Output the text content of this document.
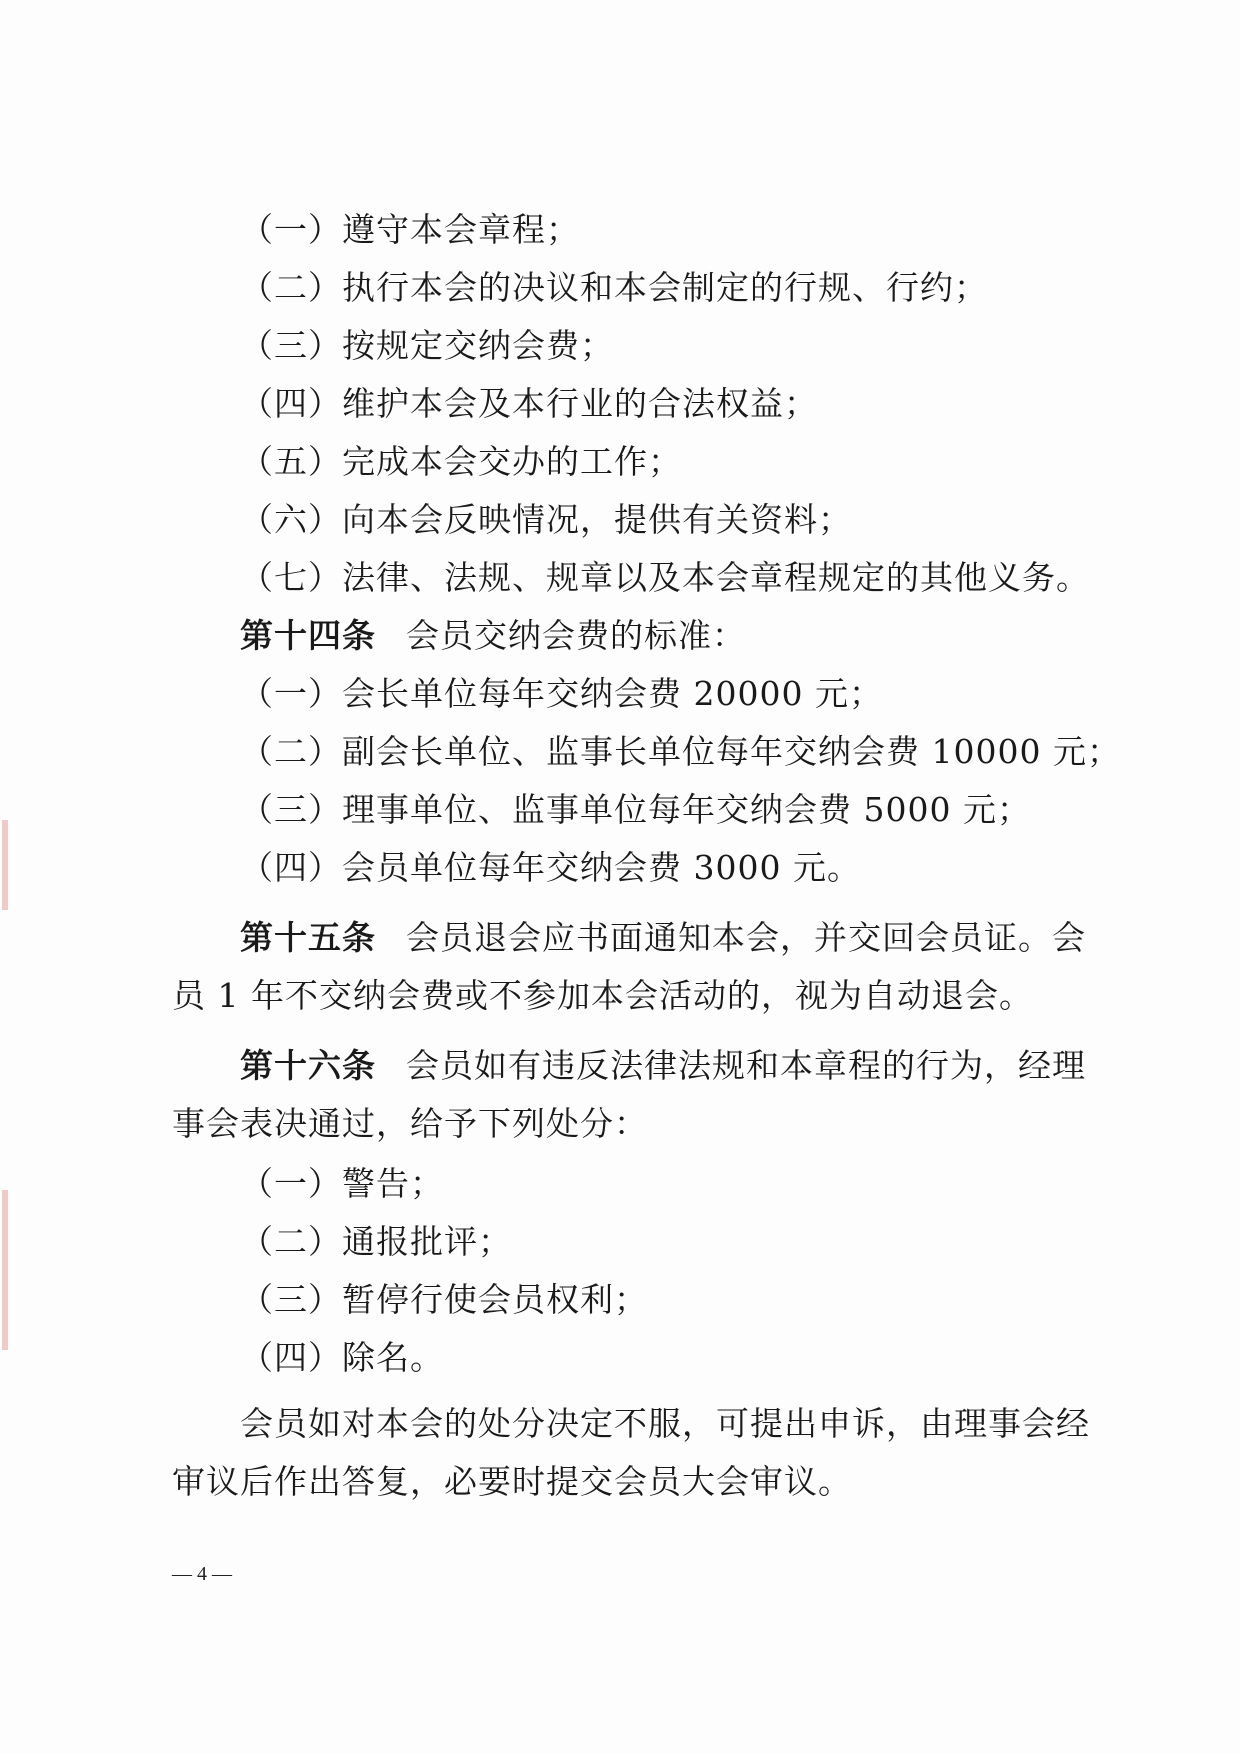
（一）遵守本会章程；
（二）执行本会的决议和本会制定的行规、行约；
（三）按规定交纳会费；
（四）维护本会及本行业的合法权益；
（五）完成本会交办的工作；
（六）向本会反映情况，提供有关资料；
（七）法律、法规、规章以及本会章程规定的其他义务。
第十四条 会员交纳会费的标准：
（一）会长单位每年交纳会费 20000 元；
（二）副会长单位、监事长单位每年交纳会费 10000 元；
（三）理事单位、监事单位每年交纳会费 5000 元；
（四）会员单位每年交纳会费 3000 元。
第十五条 会员退会应书面通知本会，并交回会员证。会
员 1 年不交纳会费或不参加本会活动的，视为自动退会。
第十六条 会员如有违反法律法规和本章程的行为，经理
事会表决通过，给予下列处分：
（一）警告；
（二）通报批评；
（三）暂停行使会员权利；
（四）除名。
会员如对本会的处分决定不服，可提出申诉，由理事会经
审议后作出答复，必要时提交会员大会审议。
— 4 —
